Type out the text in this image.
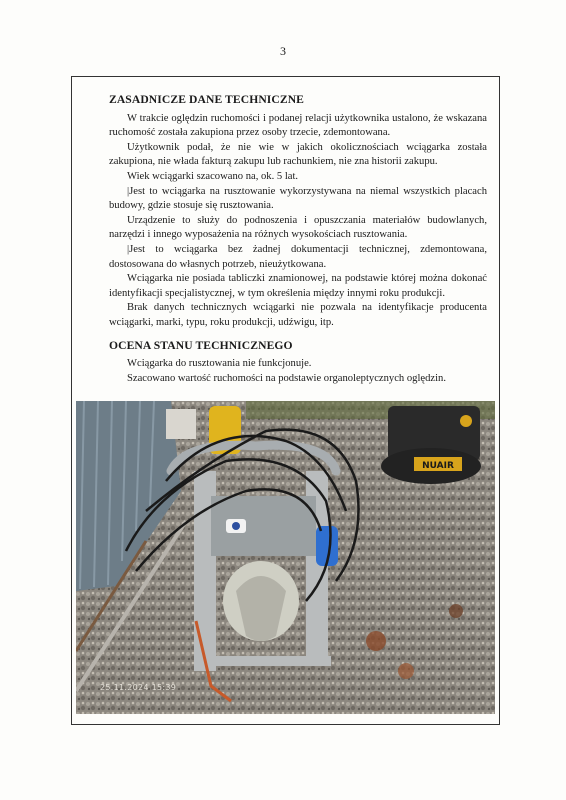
3
ZASADNICZE DANE TECHNICZNE

W trakcie oględzin ruchomości i podanej relacji użytkownika ustalono, że wskazana ruchomość została zakupiona przez osoby trzecie, zdemontowana.

Użytkownik podał, że nie wie w jakich okolicznościach wciągarka została zakupiona, nie włada fakturą zakupu lub rachunkiem, nie zna historii zakupu.

Wiek wciągarki szacowano na, ok. 5 lat.

|Jest to wciągarka na rusztowanie wykorzystywana na niemal wszystkich placach budowy, gdzie stosuje się rusztowania.

Urządzenie to służy do podnoszenia i opuszczania materiałów budowlanych, narzędzi i innego wyposażenia na różnych wysokościach rusztowania.

|Jest to wciągarka bez żadnej dokumentacji technicznej, zdemontowana, dostosowana do własnych potrzeb, nieużytkowana.

Wciągarka nie posiada tabliczki znamionowej, na podstawie której można dokonać identyfikacji specjalistycznej, w tym określenia między innymi roku produkcji.

Brak danych technicznych wciągarki nie pozwala na identyfikacje producenta wciągarki, marki, typu, roku produkcji, udźwigu, itp.

OCENA STANU TECHNICZNEGO

Wciągarka do rusztowania nie funkcjonuje.

Szacowano wartość ruchomości na podstawie organoleptycznych oględzin.

NUAIR
25.11.2024 15:39
